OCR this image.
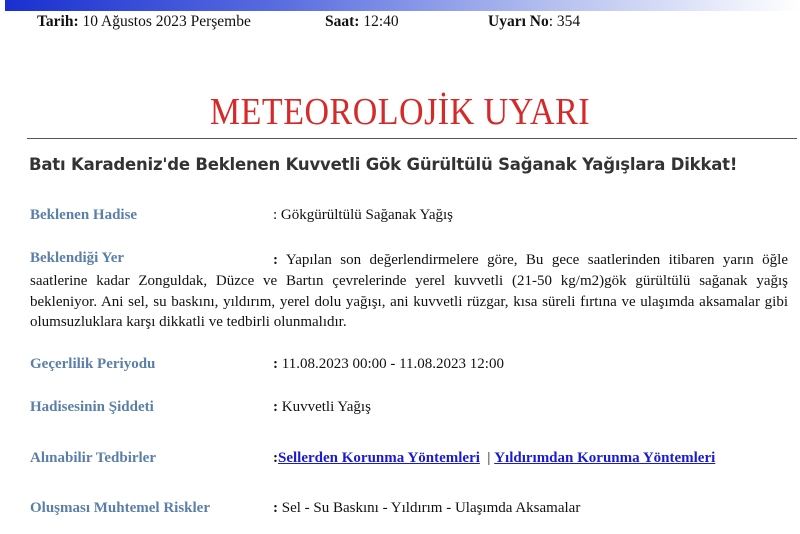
Tarih: 10 Ağustos 2023 Perşembe	Saat: 12:40	Uyarı No: 354
METEOROLOJİK UYARI
Batı Karadeniz'de Beklenen Kuvvetli Gök Gürültülü Sağanak Yağışlara Dikkat!
Beklenen Hadise	: Gökgürültülü Sağanak Yağış
Beklendiği Yer	: Yapılan son değerlendirmelere göre, Bu gece saatlerinden itibaren yarın öğle saatlerine kadar Zonguldak, Düzce ve Bartın çevrelerinde yerel kuvvetli (21-50 kg/m2)gök gürültülü sağanak yağış bekleniyor. Ani sel, su baskını, yıldırım, yerel dolu yağışı, ani kuvvetli rüzgar, kısa süreli fırtına ve ulaşımda aksamalar gibi olumsuzluklara karşı dikkatli ve tedbirli olunmalıdır.
Geçerlilik Periyodu	: 11.08.2023 00:00 - 11.08.2023 12:00
Hadisesinin Şiddeti	: Kuvvetli Yağış
Alınabilir Tedbirler	:Sellerden Korunma Yöntemleri | Yıldırımdan Korunma Yöntemleri
Oluşması Muhtemel Riskler	: Sel - Su Baskını - Yıldırım - Ulaşımda Aksamalar
